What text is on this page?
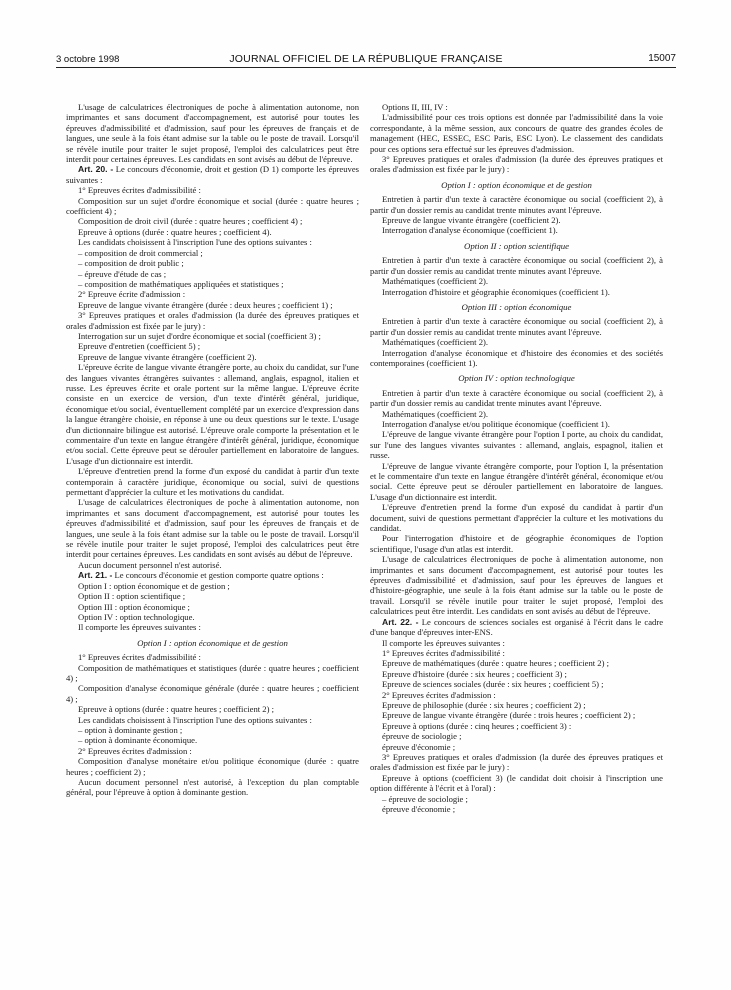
3 octobre 1998	JOURNAL OFFICIEL DE LA RÉPUBLIQUE FRANÇAISE	15007

L'usage de calculatrices électroniques de poche à alimentation autonome, non imprimantes et sans document d'accompagnement, est autorisé pour toutes les épreuves d'admissibilité et d'admission, sauf pour les épreuves de français et de langues, une seule à la fois étant admise sur la table ou le poste de travail. Lorsqu'il se révèle inutile pour traiter le sujet proposé, l'emploi des calculatrices peut être interdit pour certaines épreuves. Les candidats en sont avisés au début de l'épreuve.

Art. 20. - Le concours d'économie, droit et gestion (D 1) comporte les épreuves suivantes :

1° Epreuves écrites d'admissibilité :

Composition sur un sujet d'ordre économique et social (durée : quatre heures ; coefficient 4) ;

Composition de droit civil (durée : quatre heures ; coefficient 4) ;

Epreuve à options (durée : quatre heures ; coefficient 4).

Les candidats choisissent à l'inscription l'une des options suivantes :

– composition de droit commercial ;

– composition de droit public ;

– épreuve d'étude de cas ;

– composition de mathématiques appliquées et statistiques ;

2° Epreuve écrite d'admission :

Epreuve de langue vivante étrangère (durée : deux heures ; coefficient 1) ;

3° Epreuves pratiques et orales d'admission (la durée des épreuves pratiques et orales d'admission est fixée par le jury) :

Interrogation sur un sujet d'ordre économique et social (coefficient 3) ;

Epreuve d'entretien (coefficient 5) ;

Epreuve de langue vivante étrangère (coefficient 2).

L'épreuve écrite de langue vivante étrangère porte, au choix du candidat, sur l'une des langues vivantes étrangères suivantes : allemand, anglais, espagnol, italien et russe. Les épreuves écrite et orale portent sur la même langue. L'épreuve écrite consiste en un exercice de version, d'un texte d'intérêt général, juridique, économique et/ou social, éventuellement complété par un exercice d'expression dans la langue étrangère choisie, en réponse à une ou deux questions sur le texte. L'usage d'un dictionnaire bilingue est autorisé. L'épreuve orale comporte la présentation et le commentaire d'un texte en langue étrangère d'intérêt général, juridique, économique et/ou social. Cette épreuve peut se dérouler partiellement en laboratoire de langues. L'usage d'un dictionnaire est interdit.

L'épreuve d'entretien prend la forme d'un exposé du candidat à partir d'un texte contemporain à caractère juridique, économique ou social, suivi de questions permettant d'apprécier la culture et les motivations du candidat.

L'usage de calculatrices électroniques de poche à alimentation autonome, non imprimantes et sans document d'accompagnement, est autorisé pour toutes les épreuves d'admissibilité et d'admission, sauf pour les épreuves de français et de langues, une seule à la fois étant admise sur la table ou le poste de travail. Lorsqu'il se révèle inutile pour traiter le sujet proposé, l'emploi des calculatrices peut être interdit pour certaines épreuves. Les candidats en sont avisés au début de l'épreuve.

Aucun document personnel n'est autorisé.

Art. 21. - Le concours d'économie et gestion comporte quatre options :

Option I : option économique et de gestion ;

Option II : option scientifique ;

Option III : option économique ;

Option IV : option technologique.

Il comporte les épreuves suivantes :

Option I : option économique et de gestion

1° Epreuves écrites d'admissibilité :

Composition de mathématiques et statistiques (durée : quatre heures ; coefficient 4) ;

Composition d'analyse économique générale (durée : quatre heures ; coefficient 4) ;

Epreuve à options (durée : quatre heures ; coefficient 2) ;

Les candidats choisissent à l'inscription l'une des options suivantes :

– option à dominante gestion ;

– option à dominante économique.

2° Epreuves écrites d'admission :

Composition d'analyse monétaire et/ou politique économique (durée : quatre heures ; coefficient 2) ;

Aucun document personnel n'est autorisé, à l'exception du plan comptable général, pour l'épreuve à option à dominante gestion.

Options II, III, IV :

L'admissibilité pour ces trois options est donnée par l'admissibilité dans la voie correspondante, à la même session, aux concours de quatre des grandes écoles de management (HEC, ESSEC, ESC Paris, ESC Lyon). Le classement des candidats pour ces options sera effectué sur les épreuves d'admission.

3° Epreuves pratiques et orales d'admission (la durée des épreuves pratiques et orales d'admission est fixée par le jury) :

Option I : option économique et de gestion

Entretien à partir d'un texte à caractère économique ou social (coefficient 2), à partir d'un dossier remis au candidat trente minutes avant l'épreuve.

Epreuve de langue vivante étrangère (coefficient 2).

Interrogation d'analyse économique (coefficient 1).

Option II : option scientifique

Entretien à partir d'un texte à caractère économique ou social (coefficient 2), à partir d'un dossier remis au candidat trente minutes avant l'épreuve.

Mathématiques (coefficient 2).

Interrogation d'histoire et géographie économiques (coefficient 1).

Option III : option économique

Entretien à partir d'un texte à caractère économique ou social (coefficient 2), à partir d'un dossier remis au candidat trente minutes avant l'épreuve.

Mathématiques (coefficient 2).

Interrogation d'analyse économique et d'histoire des économies et des sociétés contemporaines (coefficient 1).

Option IV : option technologique

Entretien à partir d'un texte à caractère économique ou social (coefficient 2), à partir d'un dossier remis au candidat trente minutes avant l'épreuve.

Mathématiques (coefficient 2).

Interrogation d'analyse et/ou politique économique (coefficient 1).

L'épreuve de langue vivante étrangère pour l'option I porte, au choix du candidat, sur l'une des langues vivantes suivantes : allemand, anglais, espagnol, italien et russe.

L'épreuve de langue vivante étrangère comporte, pour l'option I, la présentation et le commentaire d'un texte en langue étrangère d'intérêt général, économique et/ou social. Cette épreuve peut se dérouler partiellement en laboratoire de langues. L'usage d'un dictionnaire est interdit.

L'épreuve d'entretien prend la forme d'un exposé du candidat à partir d'un document, suivi de questions permettant d'apprécier la culture et les motivations du candidat.

Pour l'interrogation d'histoire et de géographie économiques de l'option scientifique, l'usage d'un atlas est interdit.

L'usage de calculatrices électroniques de poche à alimentation autonome, non imprimantes et sans document d'accompagnement, est autorisé pour toutes les épreuves d'admissibilité et d'admission, sauf pour les épreuves de langues et d'histoire-géographie, une seule à la fois étant admise sur la table ou le poste de travail. Lorsqu'il se révèle inutile pour traiter le sujet proposé, l'emploi des calculatrices peut être interdit. Les candidats en sont avisés au début de l'épreuve.

Art. 22. - Le concours de sciences sociales est organisé à l'écrit dans le cadre d'une banque d'épreuves inter-ENS.

Il comporte les épreuves suivantes :

1° Epreuves écrites d'admissibilité :

Epreuve de mathématiques (durée : quatre heures ; coefficient 2) ;

Epreuve d'histoire (durée : six heures ; coefficient 3) ;

Epreuve de sciences sociales (durée : six heures ; coefficient 5) ;

2° Epreuves écrites d'admission :

Epreuve de philosophie (durée : six heures ; coefficient 2) ;

Epreuve de langue vivante étrangère (durée : trois heures ; coefficient 2) ;

Epreuve à options (durée : cinq heures ; coefficient 3) :

épreuve de sociologie ;

épreuve d'économie ;

3° Epreuves pratiques et orales d'admission (la durée des épreuves pratiques et orales d'admission est fixée par le jury) :

Epreuve à options (coefficient 3) (le candidat doit choisir à l'inscription une option différente à l'écrit et à l'oral) :

– épreuve de sociologie ;

épreuve d'économie ;
